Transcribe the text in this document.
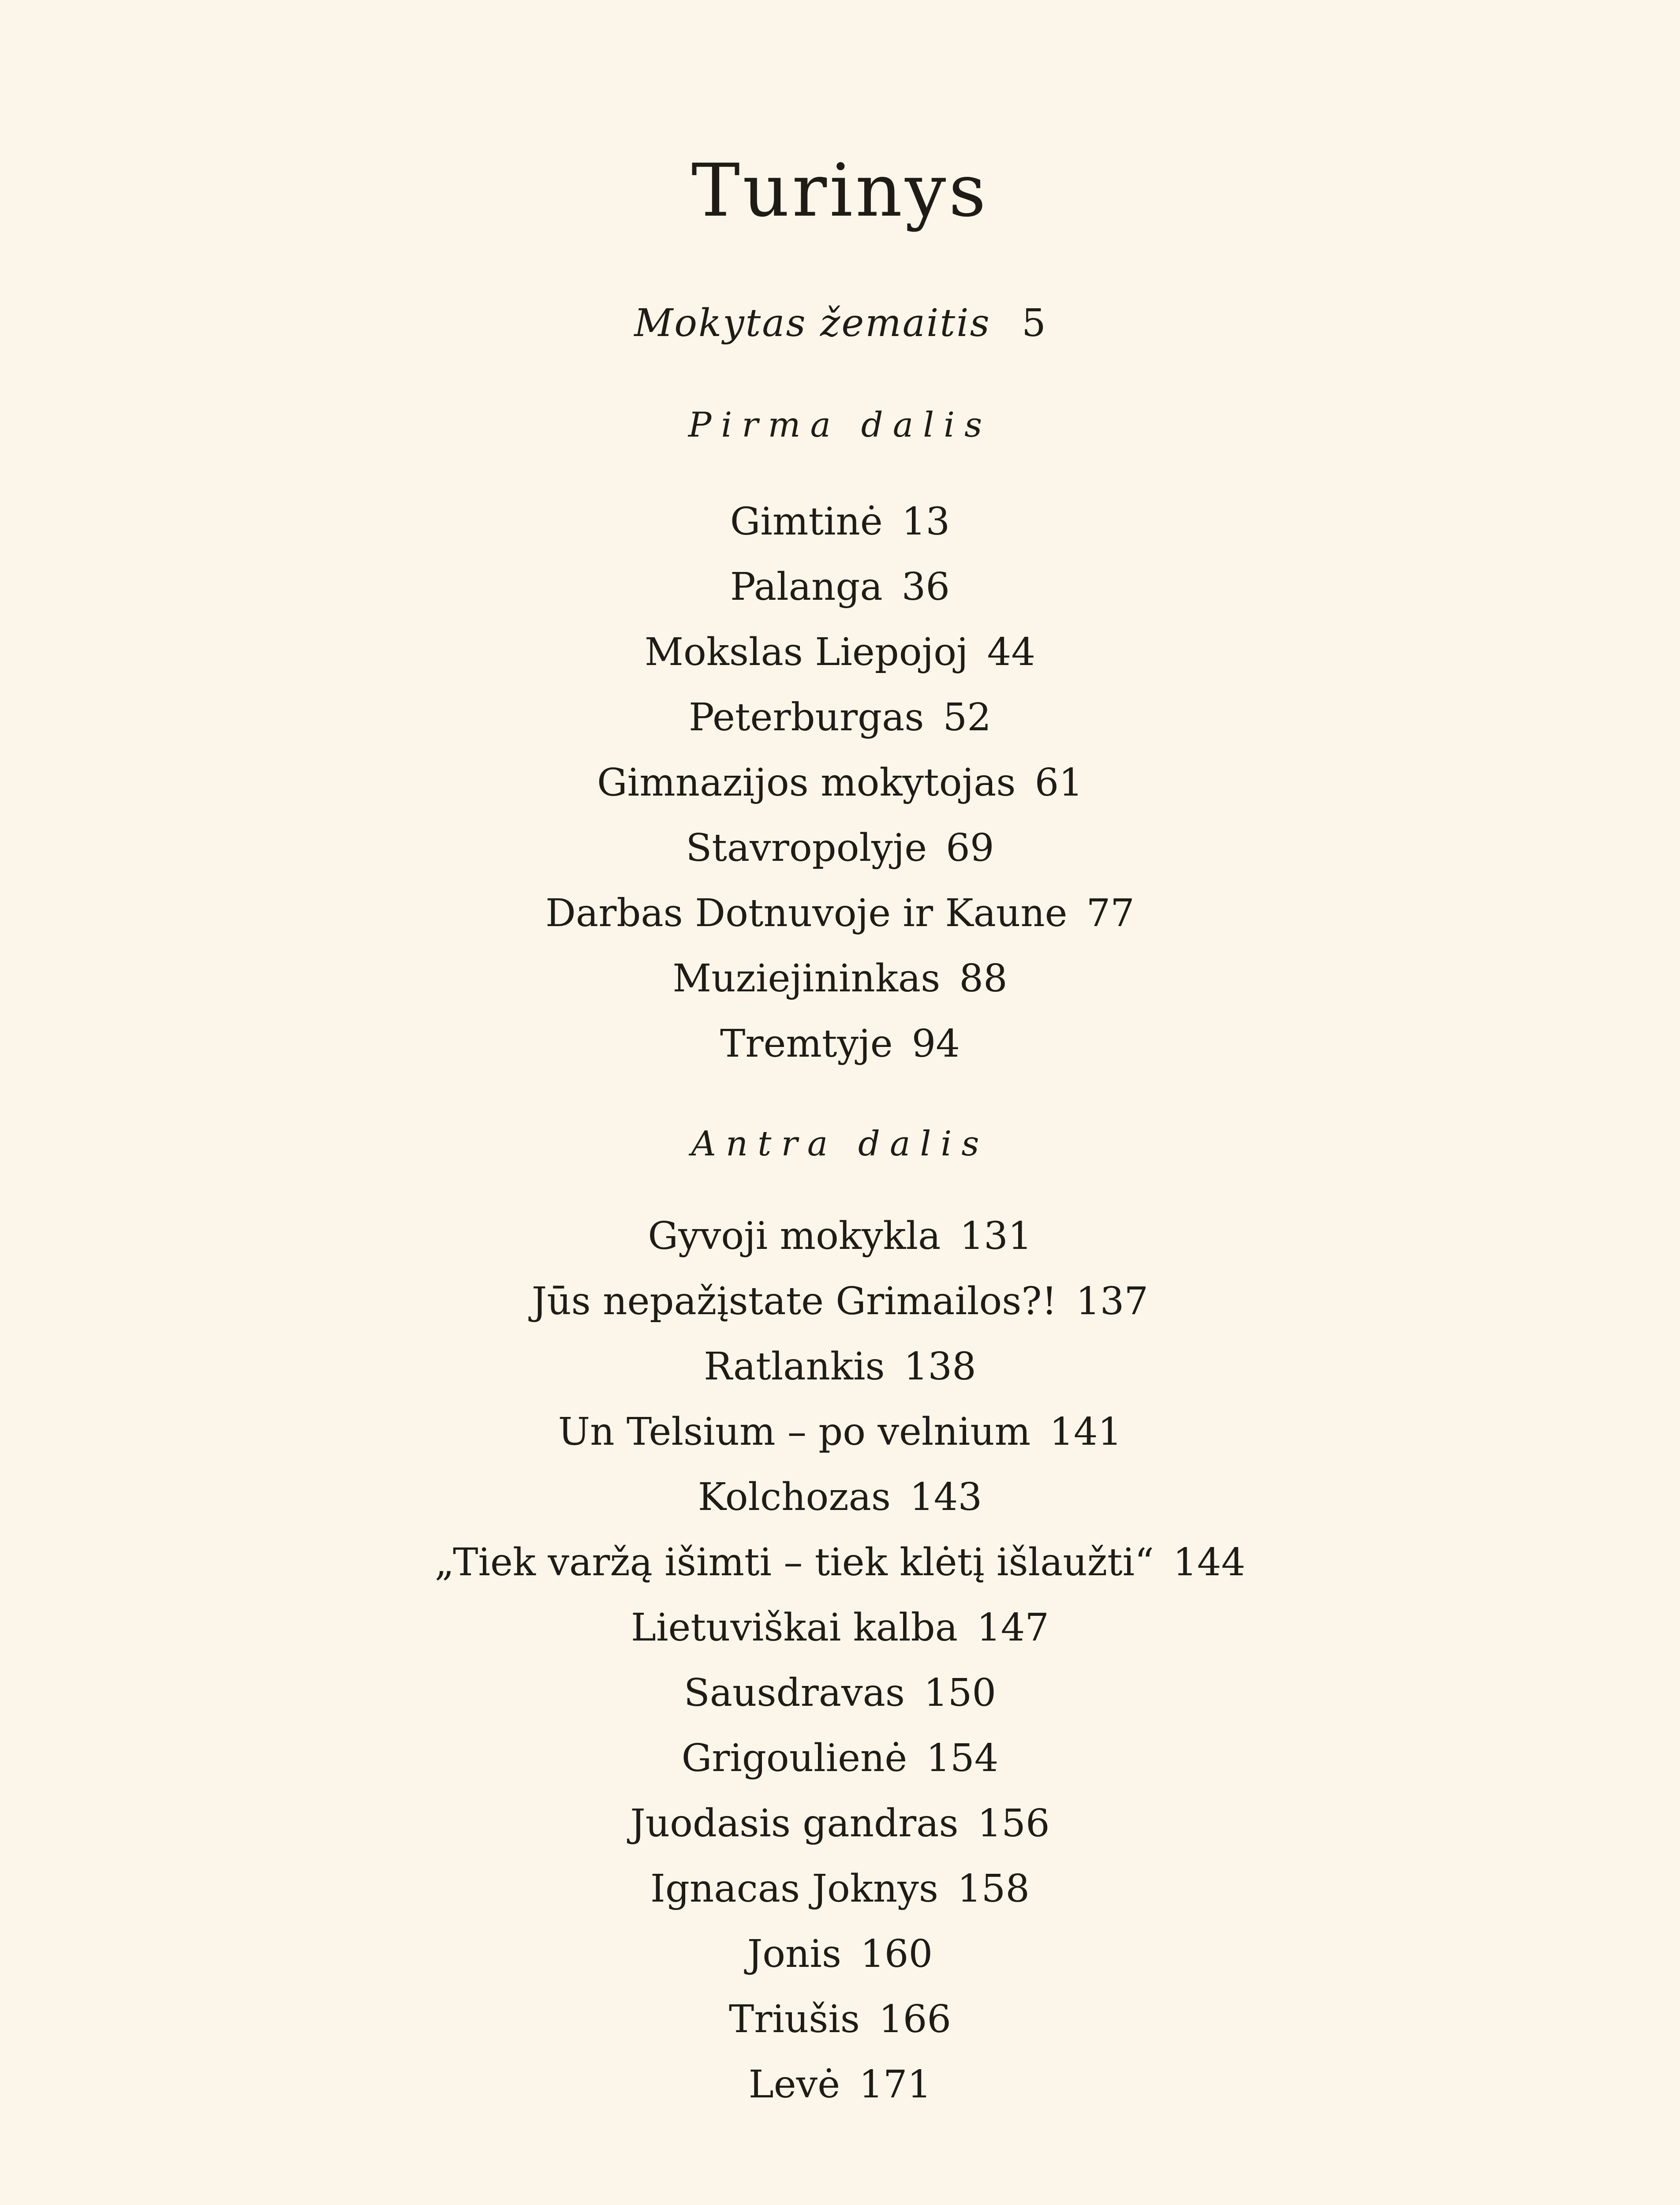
Turinys
Mokytas žemaitis 5
Pirma dalis
Gimtinė 13
Palanga 36
Mokslas Liepojoj 44
Peterburgas 52
Gimnazijos mokytojas 61
Stavropolyje 69
Darbas Dotnuvoje ir Kaune 77
Muziejininkas 88
Tremtyje 94
Antra dalis
Gyvoji mokykla 131
Jūs nepažįstate Grimailos?! 137
Ratlankis 138
Un Telsium – po velnium 141
Kolchozas 143
„Tiek varžą išimti – tiek klėtį išlaužti“ 144
Lietuviškai kalba 147
Sausdravas 150
Grigoulienė 154
Juodasis gandras 156
Ignacas Joknys 158
Jonis 160
Triušis 166
Levė 171
